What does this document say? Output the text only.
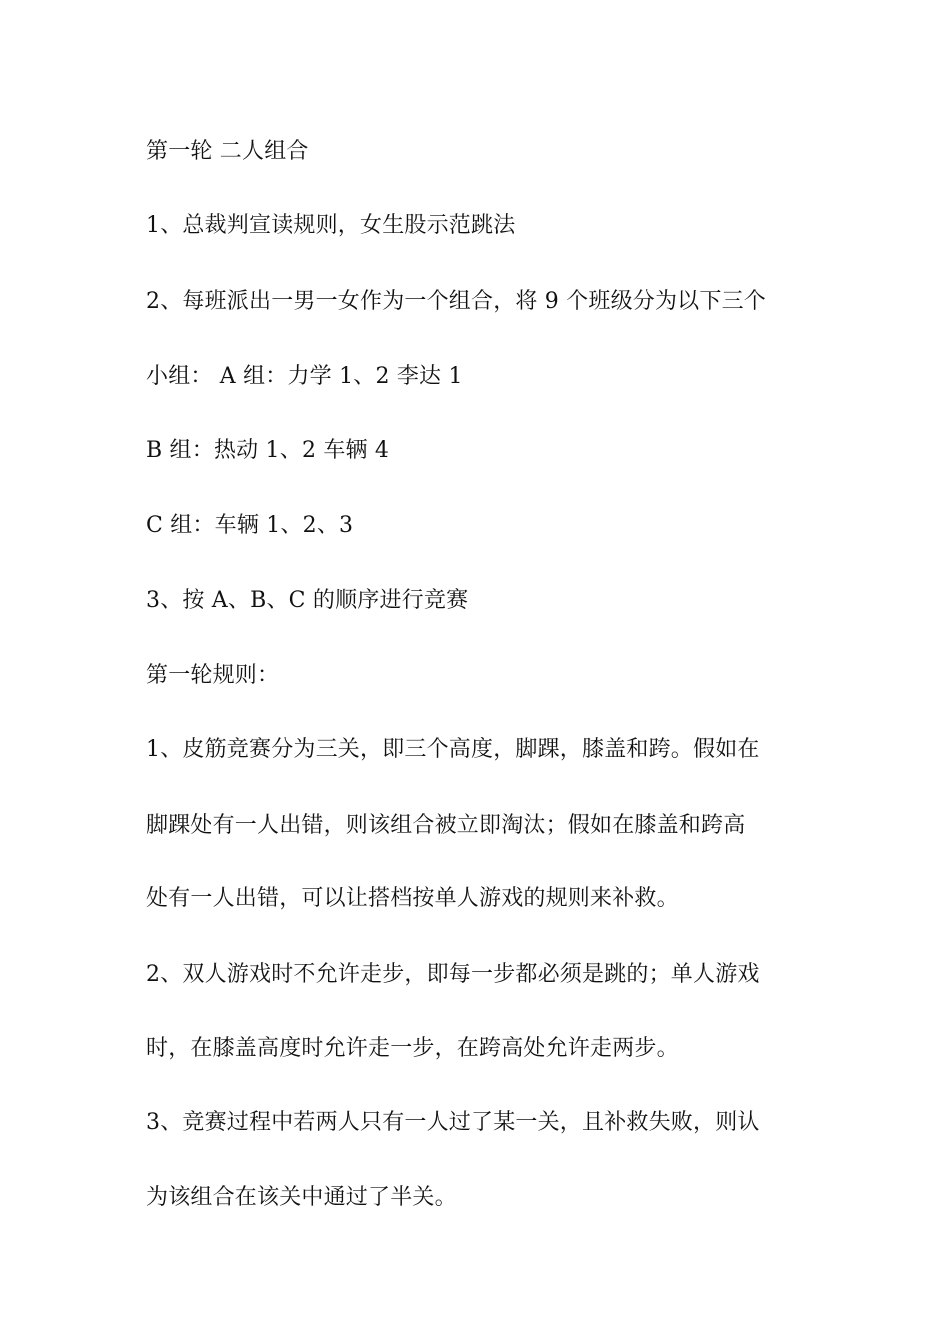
第一轮 二人组合
1、总裁判宣读规则，女生股示范跳法
2、每班派出一男一女作为一个组合，将 9 个班级分为以下三个
小组： A 组：力学 1、2 李达 1
B 组：热动 1、2 车辆 4
C 组：车辆 1、2、3
3、按 A、B、C 的顺序进行竞赛
第一轮规则：
1、皮筋竞赛分为三关，即三个高度，脚踝，膝盖和跨。假如在
脚踝处有一人出错，则该组合被立即淘汰；假如在膝盖和跨高
处有一人出错，可以让搭档按单人游戏的规则来补救。
2、双人游戏时不允许走步，即每一步都必须是跳的；单人游戏
时，在膝盖高度时允许走一步，在跨高处允许走两步。
3、竞赛过程中若两人只有一人过了某一关，且补救失败，则认
为该组合在该关中通过了半关。
